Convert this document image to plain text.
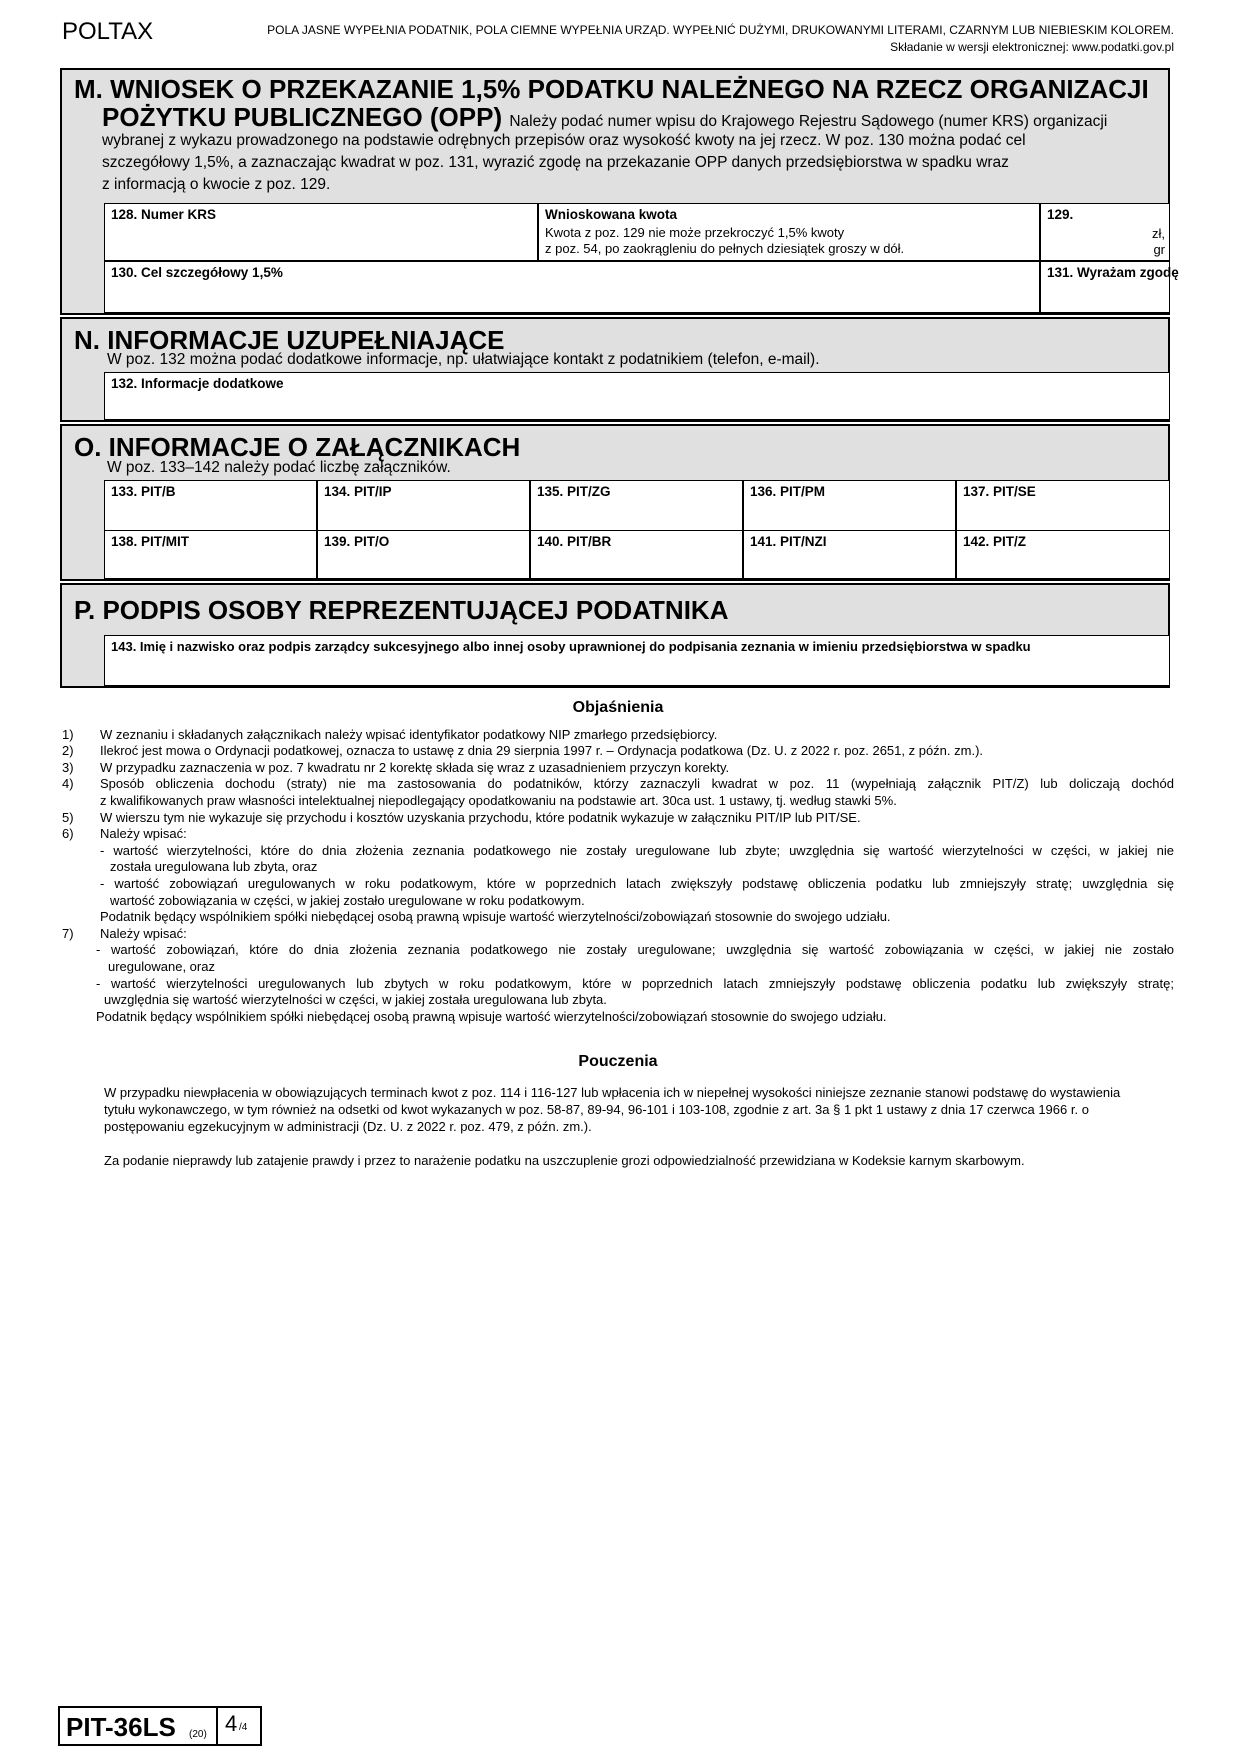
POLTAX	POLA JASNE WYPEŁNIA PODATNIK, POLA CIEMNE WYPEŁNIA URZĄD. WYPEŁNIĆ DUŻYMI, DRUKOWANYMI LITERAMI, CZARNYM LUB NIEBIESKIM KOLOREM.
Składanie w wersji elektronicznej: www.podatki.gov.pl
M. WNIOSEK O PRZEKAZANIE 1,5% PODATKU NALEŻNEGO NA RZECZ ORGANIZACJI
POŻYTKU PUBLICZNEGO (OPP) Należy podać numer wpisu do Krajowego Rejestru Sądowego (numer KRS) organizacji
wybranej z wykazu prowadzonego na podstawie odrębnych przepisów oraz wysokość kwoty na jej rzecz. W poz. 130 można podać cel
szczegółowy 1,5%, a zaznaczając kwadrat w poz. 131, wyrazić zgodę na przekazanie OPP danych przedsiębiorstwa w spadku wraz
z informacją o kwocie z poz. 129.
128. Numer KRS	Wnioskowana kwota
Kwota z poz. 129 nie może przekroczyć 1,5% kwoty
z poz. 54, po zaokrągleniu do pełnych dziesiątek groszy w dół.
129.
zł,
gr
130. Cel szczegółowy 1,5%	131. Wyrażam zgodę
N. INFORMACJE UZUPEŁNIAJĄCE
W poz. 132 można podać dodatkowe informacje, np. ułatwiające kontakt z podatnikiem (telefon, e-mail).
132. Informacje dodatkowe
O. INFORMACJE O ZAŁĄCZNIKACH
W poz. 133–142 należy podać liczbę załączników.
133. PIT/B	134. PIT/IP	135. PIT/ZG	136. PIT/PM	137. PIT/SE
138. PIT/MIT	139. PIT/O	140. PIT/BR	141. PIT/NZI	142. PIT/Z
P. PODPIS OSOBY REPREZENTUJĄCEJ PODATNIKA
143. Imię i nazwisko oraz podpis zarządcy sukcesyjnego albo innej osoby uprawnionej do podpisania zeznania w imieniu przedsiębiorstwa w spadku
Objaśnienia
1) W zeznaniu i składanych załącznikach należy wpisać identyfikator podatkowy NIP zmarłego przedsiębiorcy.
2) Ilekroć jest mowa o Ordynacji podatkowej, oznacza to ustawę z dnia 29 sierpnia 1997 r. – Ordynacja podatkowa (Dz. U. z 2022 r. poz. 2651, z późn. zm.).
3) W przypadku zaznaczenia w poz. 7 kwadratu nr 2 korektę składa się wraz z uzasadnieniem przyczyn korekty.
4) Sposób obliczenia dochodu (straty) nie ma zastosowania do podatników, którzy zaznaczyli kwadrat w poz. 11 (wypełniają załącznik PIT/Z) lub doliczają dochód
z kwalifikowanych praw własności intelektualnej niepodlegający opodatkowaniu na podstawie art. 30ca ust. 1 ustawy, tj. według stawki 5%.
5) W wierszu tym nie wykazuje się przychodu i kosztów uzyskania przychodu, które podatnik wykazuje w załączniku PIT/IP lub PIT/SE.
6) Należy wpisać:
- wartość wierzytelności, które do dnia złożenia zeznania podatkowego nie zostały uregulowane lub zbyte; uwzględnia się wartość wierzytelności w części, w jakiej nie
została uregulowana lub zbyta, oraz
- wartość zobowiązań uregulowanych w roku podatkowym, które w poprzednich latach zwiększyły podstawę obliczenia podatku lub zmniejszyły stratę; uwzględnia się
wartość zobowiązania w części, w jakiej zostało uregulowane w roku podatkowym.
Podatnik będący wspólnikiem spółki niebędącej osobą prawną wpisuje wartość wierzytelności/zobowiązań stosownie do swojego udziału.
7) Należy wpisać:
- wartość zobowiązań, które do dnia złożenia zeznania podatkowego nie zostały uregulowane; uwzględnia się wartość zobowiązania w części, w jakiej nie zostało
uregulowane, oraz
- wartość wierzytelności uregulowanych lub zbytych w roku podatkowym, które w poprzednich latach zmniejszyły podstawę obliczenia podatku lub zwiększyły stratę;
uwzględnia się wartość wierzytelności w części, w jakiej została uregulowana lub zbyta.
Podatnik będący wspólnikiem spółki niebędącej osobą prawną wpisuje wartość wierzytelności/zobowiązań stosownie do swojego udziału.
Pouczenia
W przypadku niewpłacenia w obowiązujących terminach kwot z poz. 114 i 116-127 lub wpłacenia ich w niepełnej wysokości niniejsze zeznanie stanowi podstawę do wystawienia tytułu wykonawczego, w tym również na odsetki od kwot wykazanych w poz. 58-87, 89-94, 96-101 i 103-108, zgodnie z art. 3a § 1 pkt 1 ustawy z dnia 17 czerwca 1966 r. o postępowaniu egzekucyjnym w administracji (Dz. U. z 2022 r. poz. 479, z późn. zm.).
Za podanie nieprawdy lub zatajenie prawdy i przez to narażenie podatku na uszczuplenie grozi odpowiedzialność przewidziana w Kodeksie karnym skarbowym.
PIT-36LS (20) 4 /4
